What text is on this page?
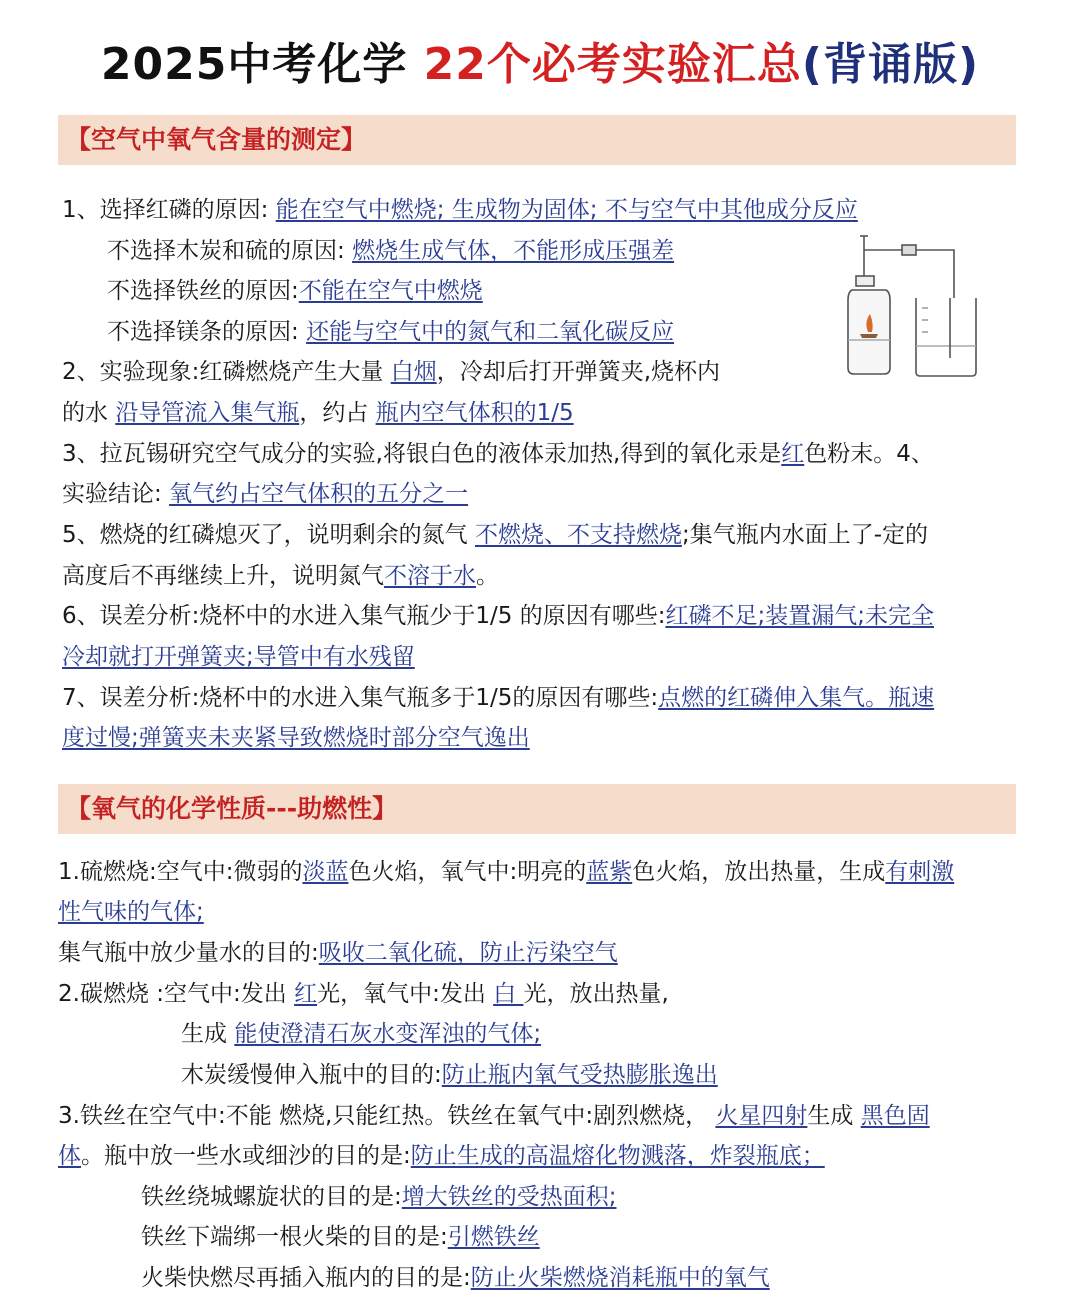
2025中考化学 22个必考实验汇总(背诵版)
【空气中氧气含量的测定】
1、选择红磷的原因: 能在空气中燃烧; 生成物为固体; 不与空气中其他成分反应
不选择木炭和硫的原因: 燃烧生成气体，不能形成压强差
不选择铁丝的原因:不能在空气中燃烧
不选择镁条的原因: 还能与空气中的氮气和二氧化碳反应
2、实验现象:红磷燃烧产生大量 白烟，冷却后打开弹簧夹,烧杯内
的水 沿导管流入集气瓶，约占 瓶内空气体积的1/5
3、拉瓦锡研究空气成分的实验,将银白色的液体汞加热,得到的氧化汞是红色粉末。4、
实验结论: 氧气约占空气体积的五分之一
5、燃烧的红磷熄灭了，说明剩余的氮气 不燃烧、不支持燃烧;集气瓶内水面上了-定的
高度后不再继续上升，说明氮气不溶于水。
6、误差分析:烧杯中的水进入集气瓶少于1/5 的原因有哪些:红磷不足;装置漏气;未完全
冷却就打开弹簧夹;导管中有水残留
7、误差分析:烧杯中的水进入集气瓶多于1/5的原因有哪些:点燃的红磷伸入集气。瓶速
度过慢;弹簧夹未夹紧导致燃烧时部分空气逸出
【氧气的化学性质---助燃性】
1.硫燃烧:空气中:微弱的淡蓝色火焰，氧气中:明亮的蓝紫色火焰，放出热量，生成有刺激
性气味的气体;
集气瓶中放少量水的目的:吸收二氧化硫，防止污染空气
2.碳燃烧 :空气中:发出 红光，氧气中:发出 白 光，放出热量,
生成 能使澄清石灰水变浑浊的气体;
木炭缓慢伸入瓶中的目的:防止瓶内氧气受热膨胀逸出
3.铁丝在空气中:不能 燃烧,只能红热。铁丝在氧气中:剧烈燃烧， 火星四射生成 黑色固
体。瓶中放一些水或细沙的目的是:防止生成的高温熔化物溅落，炸裂瓶底；
铁丝绕城螺旋状的目的是:增大铁丝的受热面积;
铁丝下端绑一根火柴的目的是:引燃铁丝
火柴快燃尽再插入瓶内的目的是:防止火柴燃烧消耗瓶中的氧气
